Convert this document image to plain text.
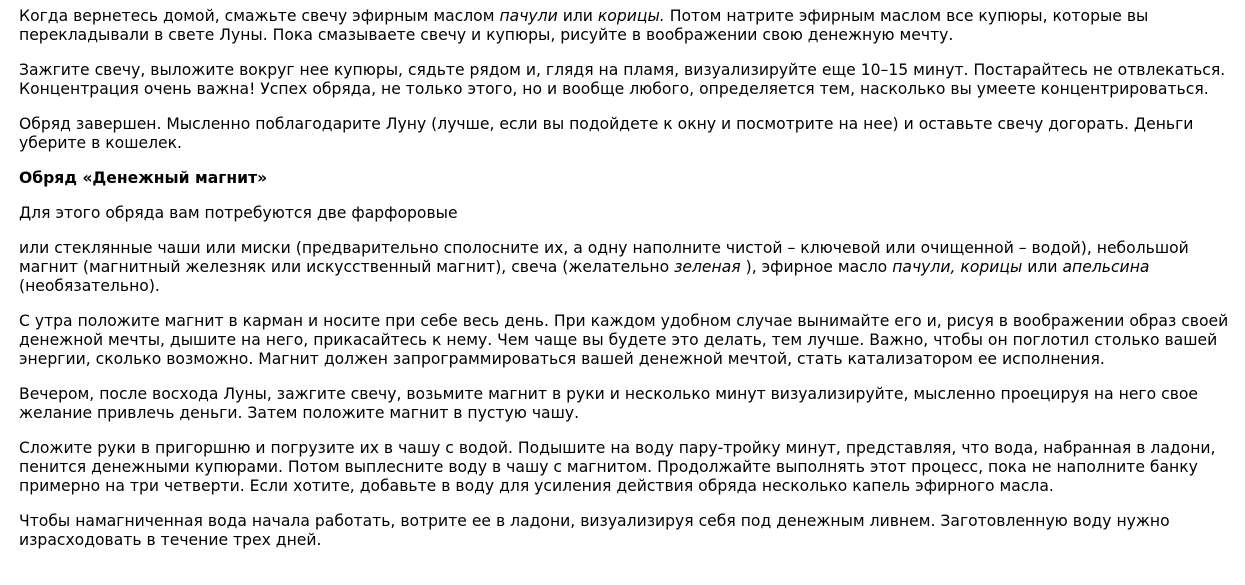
Когда вернетесь домой, смажьте свечу эфирным маслом пачули или корицы. Потом натрите эфирным маслом все купюры, которые вы перекладывали в свете Луны. Пока смазываете свечу и купюры, рисуйте в воображении свою денежную мечту.

Зажгите свечу, выложите вокруг нее купюры, сядьте рядом и, глядя на пламя, визуализируйте еще 10–15 минут. Постарайтесь не отвлекаться. Концентрация очень важна! Успех обряда, не только этого, но и вообще любого, определяется тем, насколько вы умеете концентрироваться.

Обряд завершен. Мысленно поблагодарите Луну (лучше, если вы подойдете к окну и посмотрите на нее) и оставьте свечу догорать. Деньги уберите в кошелек.

Обряд «Денежный магнит»

Для этого обряда вам потребуются две фарфоровые

или стеклянные чаши или миски (предварительно сполосните их, а одну наполните чистой – ключевой или очищенной – водой), небольшой магнит (магнитный железняк или искусственный магнит), свеча (желательно зеленая ), эфирное масло пачули, корицы или апельсина (необязательно).

С утра положите магнит в карман и носите при себе весь день. При каждом удобном случае вынимайте его и, рисуя в воображении образ своей денежной мечты, дышите на него, прикасайтесь к нему. Чем чаще вы будете это делать, тем лучше. Важно, чтобы он поглотил столько вашей энергии, сколько возможно. Магнит должен запрограммироваться вашей денежной мечтой, стать катализатором ее исполнения.

Вечером, после восхода Луны, зажгите свечу, возьмите магнит в руки и несколько минут визуализируйте, мысленно проецируя на него свое желание привлечь деньги. Затем положите магнит в пустую чашу.

Сложите руки в пригоршню и погрузите их в чашу с водой. Подышите на воду пару-тройку минут, представляя, что вода, набранная в ладони, пенится денежными купюрами. Потом выплесните воду в чашу с магнитом. Продолжайте выполнять этот процесс, пока не наполните банку примерно на три четверти. Если хотите, добавьте в воду для усиления действия обряда несколько капель эфирного масла.

Чтобы намагниченная вода начала работать, вотрите ее в ладони, визуализируя себя под денежным ливнем. Заготовленную воду нужно израсходовать в течение трех дней.
